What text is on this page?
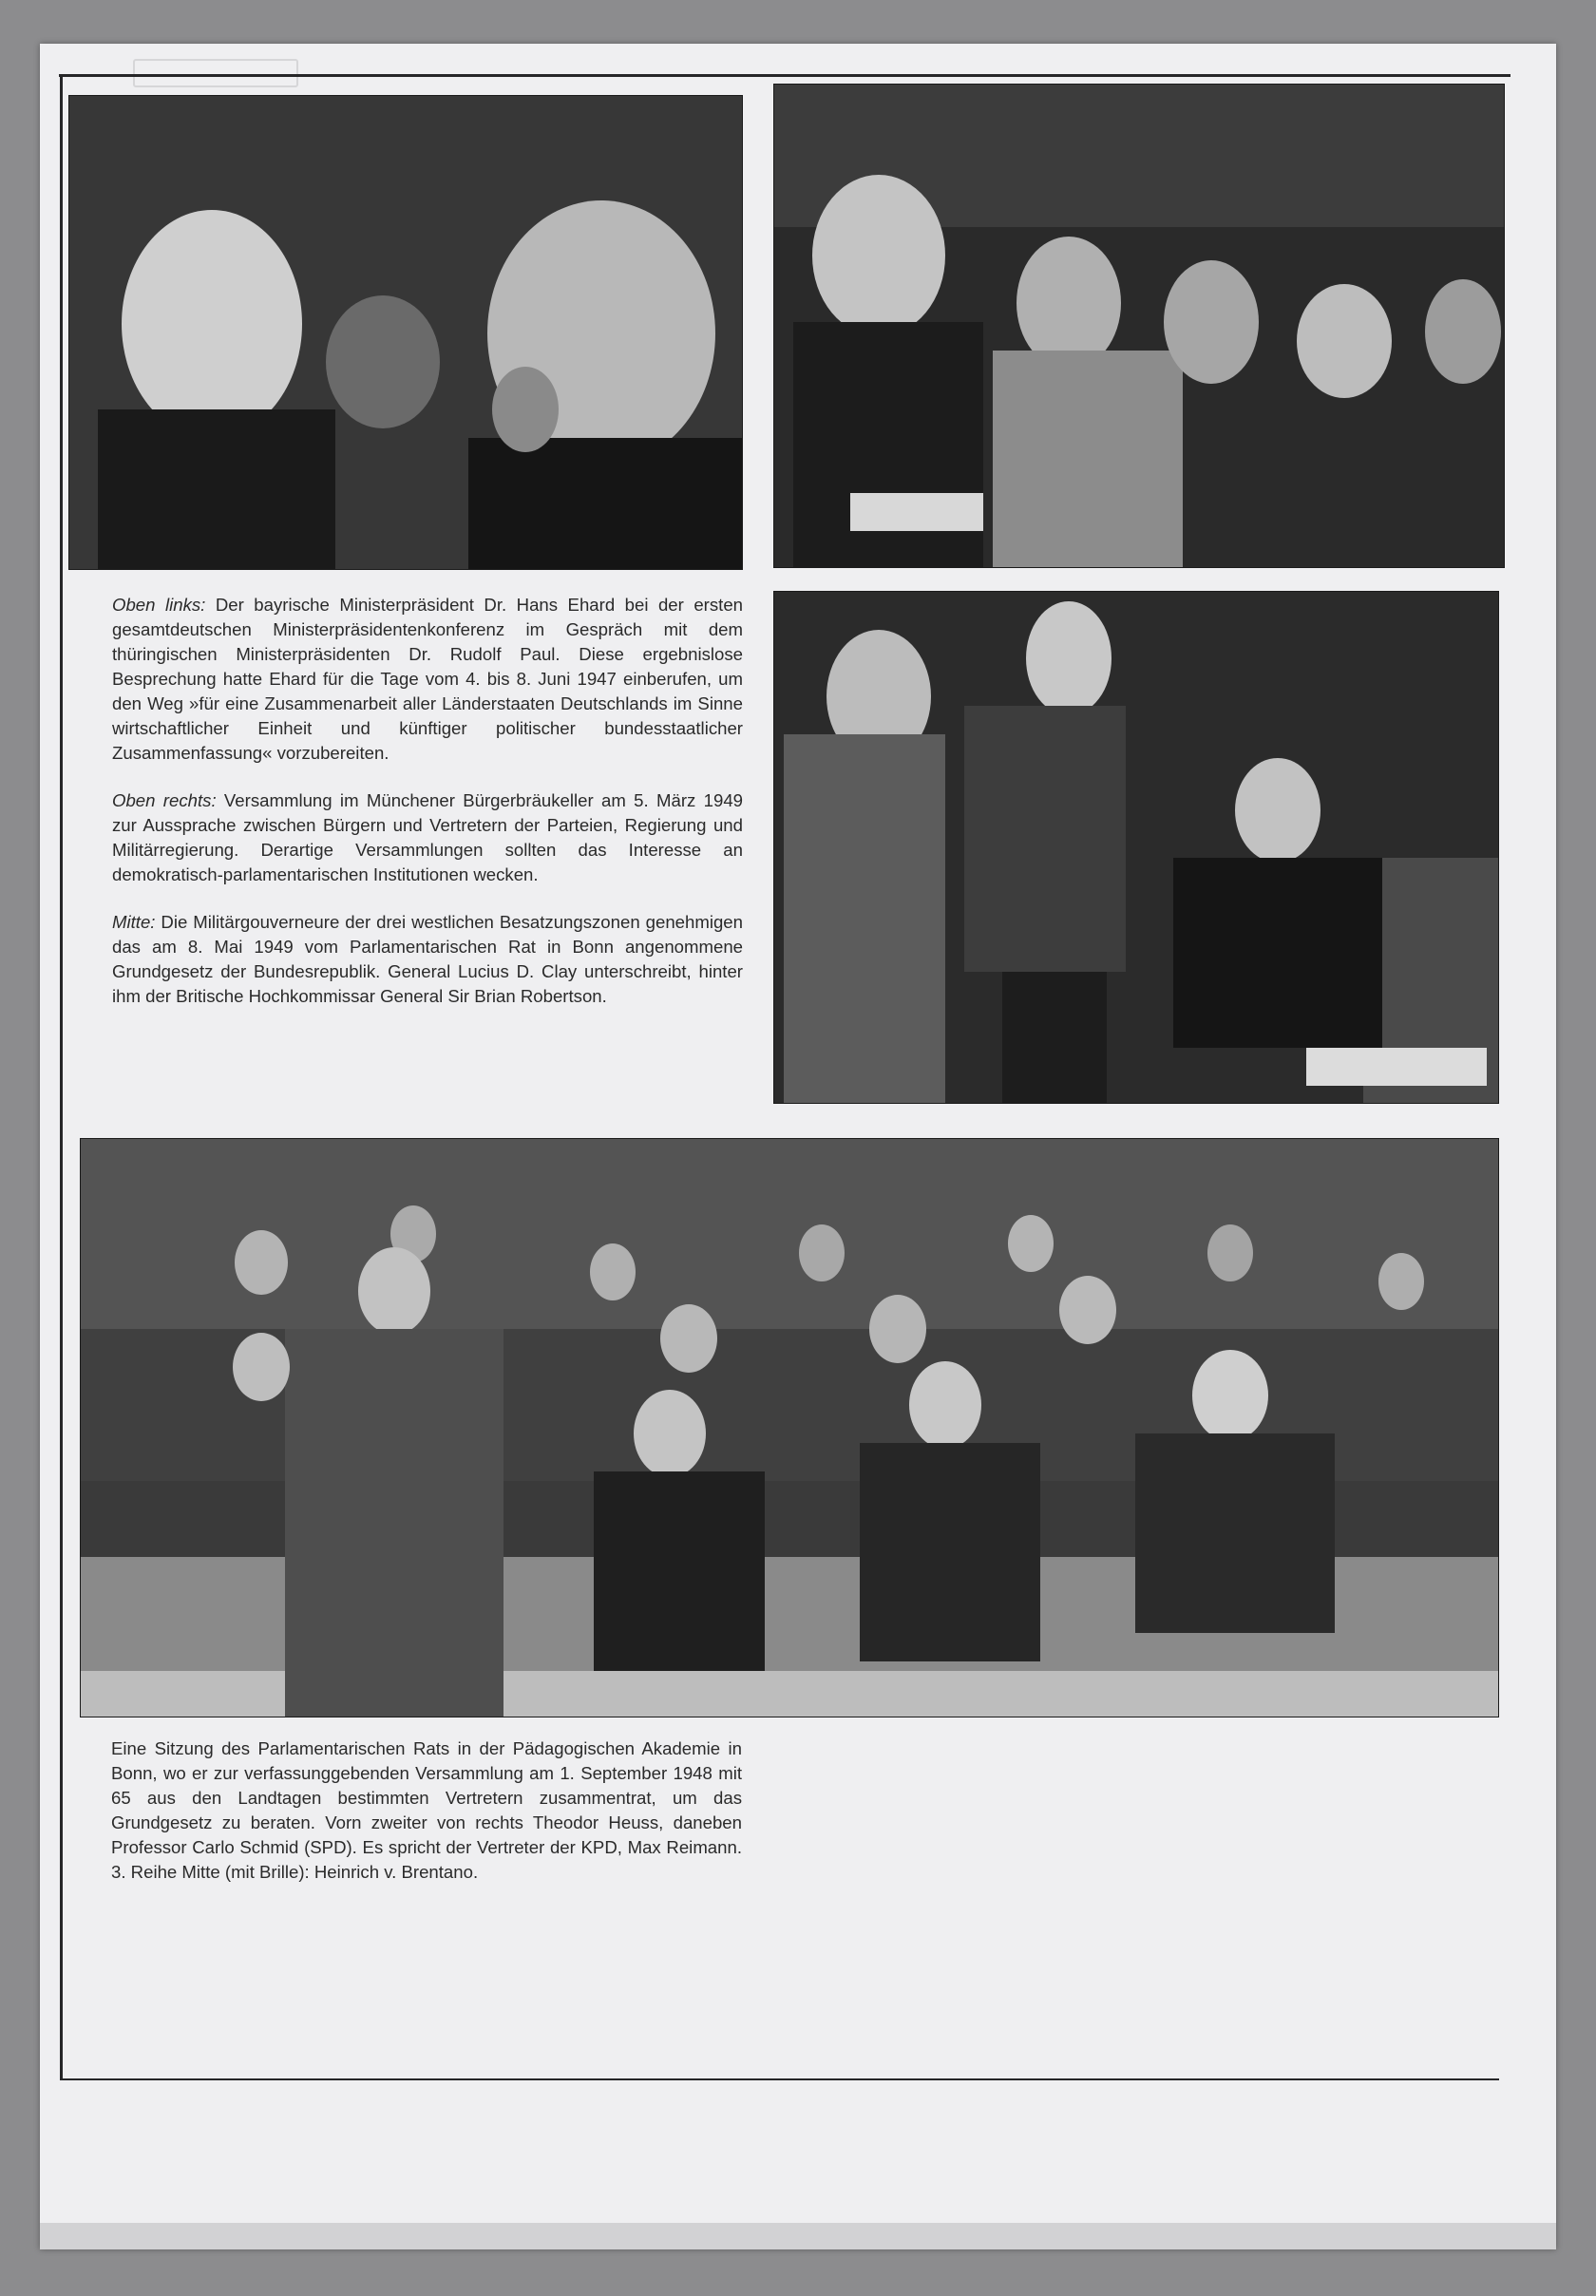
Oben links: Der bayrische Ministerpräsident Dr. Hans Ehard bei der ersten gesamtdeutschen Ministerpräsidentenkonferenz im Gespräch mit dem thüringischen Ministerpräsidenten Dr. Rudolf Paul. Diese ergebnislose Besprechung hatte Ehard für die Tage vom 4. bis 8. Juni 1947 einberufen, um den Weg »für eine Zusammenarbeit aller Länderstaaten Deutschlands im Sinne wirtschaftlicher Einheit und künftiger politischer bundesstaatlicher Zusammenfassung« vorzubereiten.

Oben rechts: Versammlung im Münchener Bürgerbräukeller am 5. März 1949 zur Aussprache zwischen Bürgern und Vertretern der Parteien, Regierung und Militärregierung. Derartige Versammlungen sollten das Interesse an demokratisch-parlamentarischen Institutionen wecken.

Mitte: Die Militärgouverneure der drei westlichen Besatzungszonen genehmigen das am 8. Mai 1949 vom Parlamentarischen Rat in Bonn angenommene Grundgesetz der Bundesrepublik. General Lucius D. Clay unterschreibt, hinter ihm der Britische Hochkommissar General Sir Brian Robertson.

Eine Sitzung des Parlamentarischen Rats in der Pädagogischen Akademie in Bonn, wo er zur verfassunggebenden Versammlung am 1. September 1948 mit 65 aus den Landtagen bestimmten Vertretern zusammentrat, um das Grundgesetz zu beraten. Vorn zweiter von rechts Theodor Heuss, daneben Professor Carlo Schmid (SPD). Es spricht der Vertreter der KPD, Max Reimann. 3. Reihe Mitte (mit Brille): Heinrich v. Brentano.
